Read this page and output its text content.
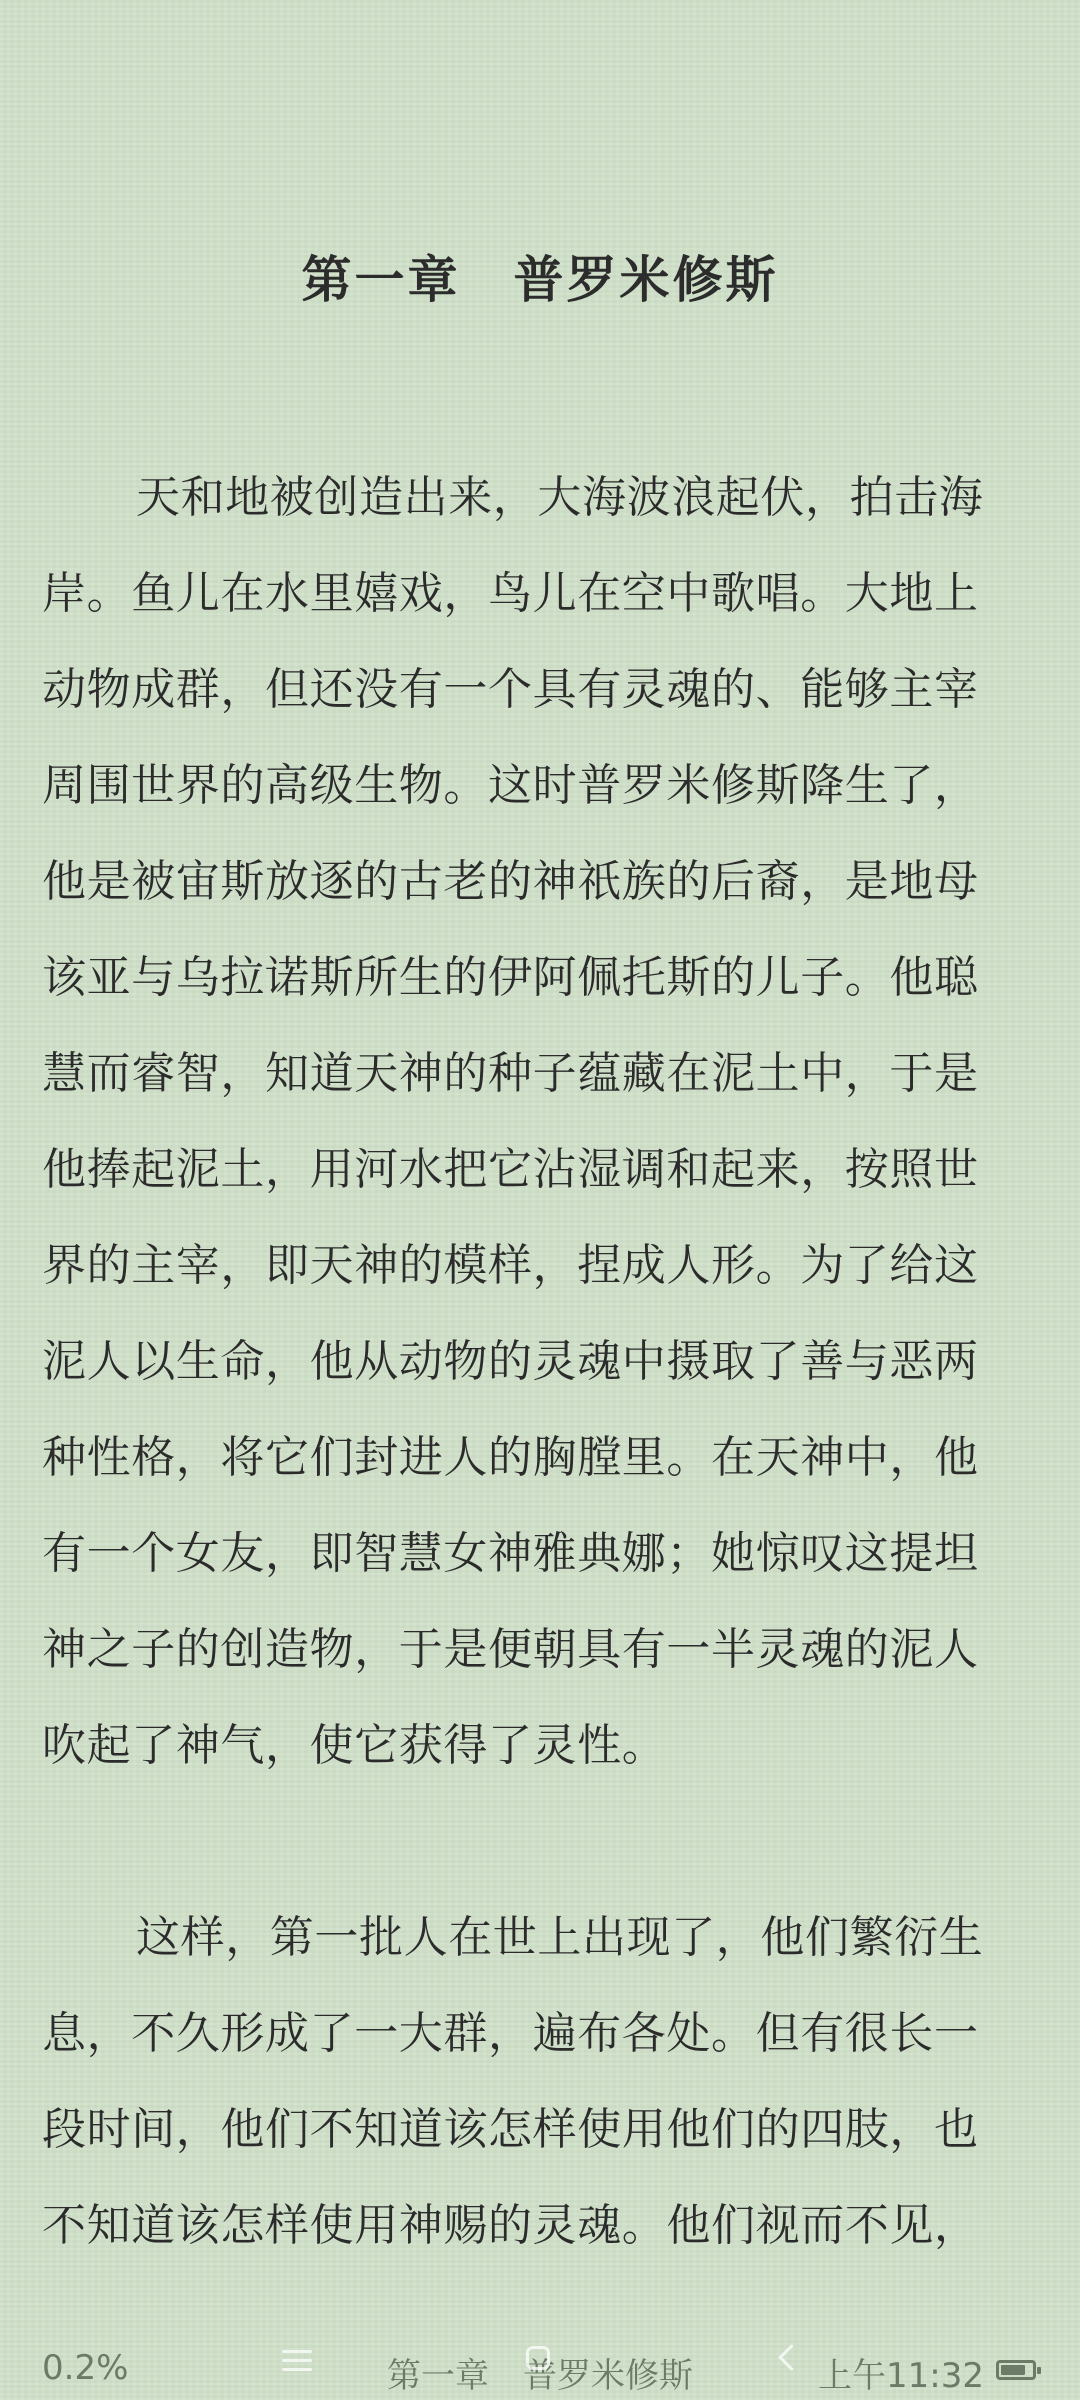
第一章　普罗米修斯
天和地被创造出来，大海波浪起伏，拍击海
岸。鱼儿在水里嬉戏，鸟儿在空中歌唱。大地上
动物成群，但还没有一个具有灵魂的、能够主宰
周围世界的高级生物。这时普罗米修斯降生了，
他是被宙斯放逐的古老的神祇族的后裔，是地母
该亚与乌拉诺斯所生的伊阿佩托斯的儿子。他聪
慧而睿智，知道天神的种子蕴藏在泥土中，于是
他捧起泥土，用河水把它沾湿调和起来，按照世
界的主宰，即天神的模样，捏成人形。为了给这
泥人以生命，他从动物的灵魂中摄取了善与恶两
种性格，将它们封进人的胸膛里。在天神中，他
有一个女友，即智慧女神雅典娜；她惊叹这提坦
神之子的创造物，于是便朝具有一半灵魂的泥人
吹起了神气，使它获得了灵性。
这样，第一批人在世上出现了，他们繁衍生
息，不久形成了一大群，遍布各处。但有很长一
段时间，他们不知道该怎样使用他们的四肢，也
不知道该怎样使用神赐的灵魂。他们视而不见，
0.2%	第一章　普罗米修斯	上午11:32
